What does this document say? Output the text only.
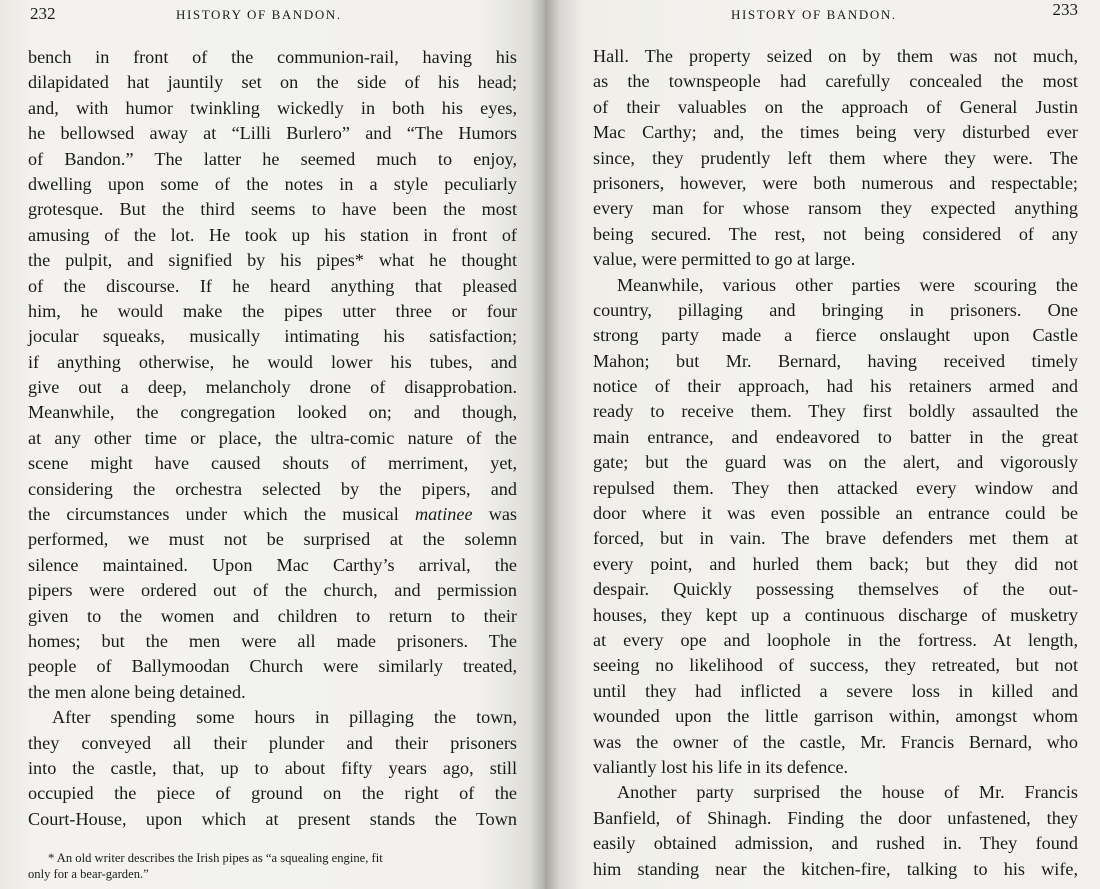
232	HISTORY OF BANDON.
bench in front of the communion-rail, having his
dilapidated hat jauntily set on the side of his head;
and, with humor twinkling wickedly in both his eyes,
he bellowsed away at “Lilli Burlero” and “The Humors
of Bandon.” The latter he seemed much to enjoy,
dwelling upon some of the notes in a style peculiarly
grotesque. But the third seems to have been the most
amusing of the lot. He took up his station in front of
the pulpit, and signified by his pipes* what he thought
of the discourse. If he heard anything that pleased
him, he would make the pipes utter three or four
jocular squeaks, musically intimating his satisfaction;
if anything otherwise, he would lower his tubes, and
give out a deep, melancholy drone of disapprobation.
Meanwhile, the congregation looked on; and though,
at any other time or place, the ultra-comic nature of the
scene might have caused shouts of merriment, yet,
considering the orchestra selected by the pipers, and
the circumstances under which the musical matinee was
performed, we must not be surprised at the solemn
silence maintained. Upon Mac Carthy’s arrival, the
pipers were ordered out of the church, and permission
given to the women and children to return to their
homes; but the men were all made prisoners. The
people of Ballymoodan Church were similarly treated,
the men alone being detained.
After spending some hours in pillaging the town,
they conveyed all their plunder and their prisoners
into the castle, that, up to about fifty years ago, still
occupied the piece of ground on the right of the
Court-House, upon which at present stands the Town
* An old writer describes the Irish pipes as “a squealing engine, fit
only for a bear-garden.”
HISTORY OF BANDON.	233
Hall. The property seized on by them was not much,
as the townspeople had carefully concealed the most
of their valuables on the approach of General Justin
Mac Carthy; and, the times being very disturbed ever
since, they prudently left them where they were. The
prisoners, however, were both numerous and respectable;
every man for whose ransom they expected anything
being secured. The rest, not being considered of any
value, were permitted to go at large.
Meanwhile, various other parties were scouring the
country, pillaging and bringing in prisoners. One
strong party made a fierce onslaught upon Castle
Mahon; but Mr. Bernard, having received timely
notice of their approach, had his retainers armed and
ready to receive them. They first boldly assaulted the
main entrance, and endeavored to batter in the great
gate; but the guard was on the alert, and vigorously
repulsed them. They then attacked every window and
door where it was even possible an entrance could be
forced, but in vain. The brave defenders met them at
every point, and hurled them back; but they did not
despair. Quickly possessing themselves of the out-
houses, they kept up a continuous discharge of musketry
at every ope and loophole in the fortress. At length,
seeing no likelihood of success, they retreated, but not
until they had inflicted a severe loss in killed and
wounded upon the little garrison within, amongst whom
was the owner of the castle, Mr. Francis Bernard, who
valiantly lost his life in its defence.
Another party surprised the house of Mr. Francis
Banfield, of Shinagh. Finding the door unfastened, they
easily obtained admission, and rushed in. They found
him standing near the kitchen-fire, talking to his wife,
